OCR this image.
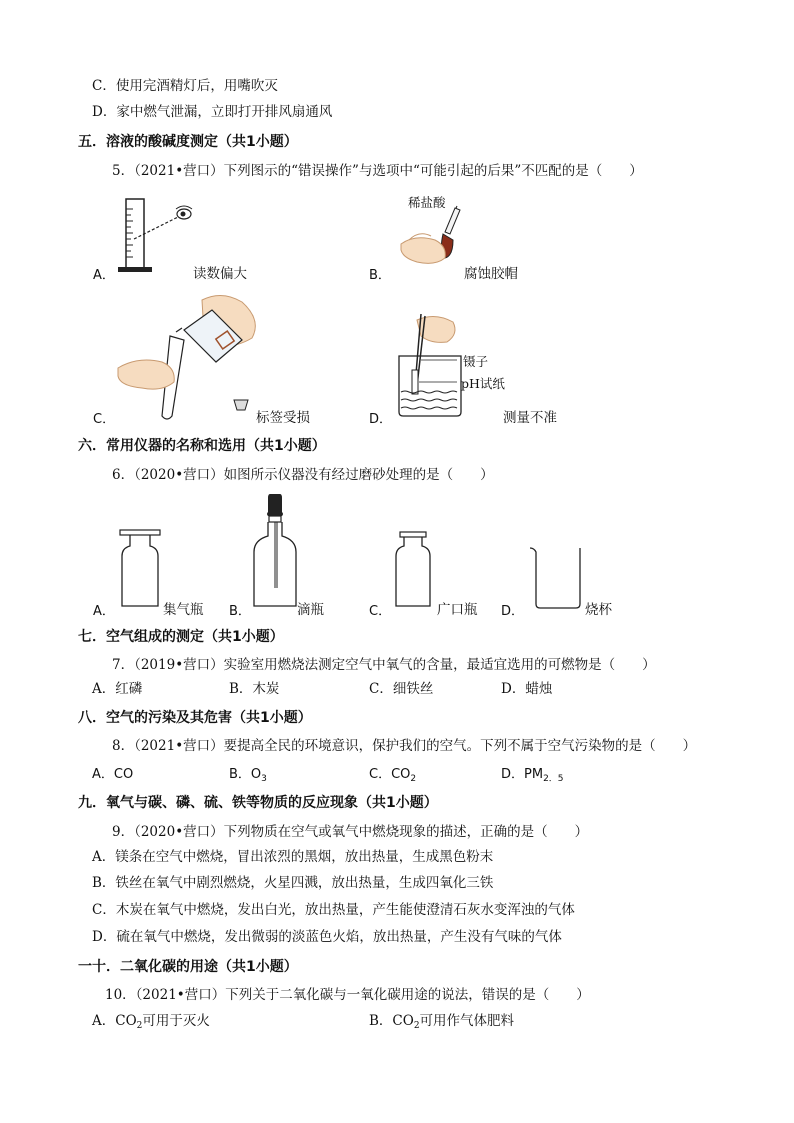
C．使用完酒精灯后，用嘴吹灭
D．家中燃气泄漏，立即打开排风扇通风
五．溶液的酸碱度测定（共1小题）
5．（2021•营口）下列图示的“错误操作”与选项中“可能引起的后果”不匹配的是（　　）
A．	读数偏大
稀盐酸
B．	腐蚀胶帽
C．	标签受损
镊子
pH试纸
D．	测量不准
六．常用仪器的名称和选用（共1小题）
6．（2020•营口）如图所示仪器没有经过磨砂处理的是（　　）
A．	集气瓶 B．	滴瓶	C．	广口瓶 D．	烧杯
七．空气组成的测定（共1小题）
7．（2019•营口）实验室用燃烧法测定空气中氧气的含量，最适宜选用的可燃物是（　　）
A．红磷	B．木炭	C．细铁丝	D．蜡烛
八．空气的污染及其危害（共1小题）
8．（2021•营口）要提高全民的环境意识，保护我们的空气。下列不属于空气污染物的是（　　）
A．CO	B．$O_3$	C．$CO_2$	D．$PM_{2.5}$
九．氧气与碳、磷、硫、铁等物质的反应现象（共1小题）
9．（2020•营口）下列物质在空气或氧气中燃烧现象的描述，正确的是（　　）
A．镁条在空气中燃烧，冒出浓烈的黑烟，放出热量，生成黑色粉末
B．铁丝在氧气中剧烈燃烧，火星四溅，放出热量，生成四氧化三铁
C．木炭在氧气中燃烧，发出白光，放出热量，产生能使澄清石灰水变浑浊的气体
D．硫在氧气中燃烧，发出微弱的淡蓝色火焰，放出热量，产生没有气味的气体
一十．二氧化碳的用途（共1小题）
10．（2021•营口）下列关于二氧化碳与一氧化碳用途的说法，错误的是（　　）
A．$CO_2$可用于灭火	B．$CO_2$可用作气体肥料
